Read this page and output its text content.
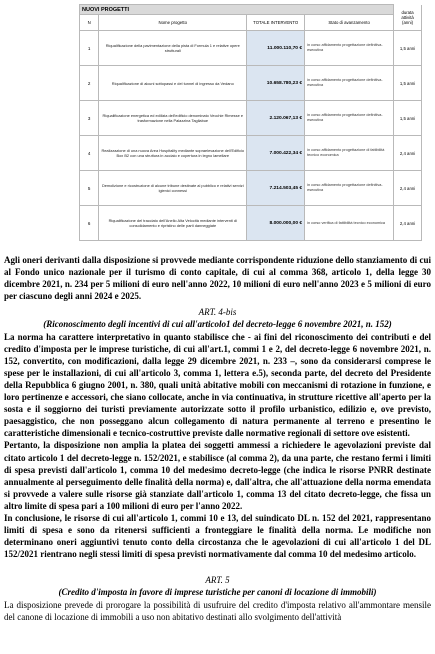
NUOVI PROGETTI				durata attività (anni)
N	Nome progetto	TOTALE INTERVENTO	Stato di avanzamento	
1	Riqualificazione della pavimentazione della pista di Formula 1 e relative opere strutturali	11.000.110,70 €	in corso affidamento progettazione definitiva-esecutiva	1,5 anni
2	Riqualificazione di alcuni sottopassi e del tunnel di ingresso da Vedano	10.658.780,23 €	in corso affidamento progettazione definitiva-esecutiva	1,5 anni
3	Riqualificazione energetica ed edilizia dell'edificio denominato Vecchie Rimesse e trasformazione nella Palazzina Tagliabue	2.120.067,13 €	in corso affidamento progettazione definitiva-esecutiva	1,5 anni
4	Realizzazione di una nuova Area Hospitality mediante sopraelevazione dell'Edificio Box B2 con una struttura in acciaio e copertura in legno lamellare	7.000.422,34 €	in corso affidamento progettazione di fattibilità tecnico economica	2,4 anni
5	Demolizione e ricostruzione di alcune tribune destinate al pubblico e relativi servizi igienici connessi	7.214.503,45 €	in corso affidamento progettazione definitiva-esecutiva	2,4 anni
6	Riqualificazione del tracciato dell'Anello Alta Velocità mediante interventi di consolidamento e ripristino delle parti danneggiate	8.000.000,00 €	in corso verifica di fattibilità tecnico economica	2,4 anni

Agli oneri derivanti dalla disposizione si provvede mediante corrispondente riduzione dello stanziamento di cui al Fondo unico nazionale per il turismo di conto capitale, di cui al comma 368, articolo 1, della legge 30 dicembre 2021, n. 234 per 5 milioni di euro nell'anno 2022, 10 milioni di euro nell'anno 2023 e 5 milioni di euro per ciascuno degli anni 2024 e 2025.

ART. 4-bis

(Riconoscimento degli incentivi di cui all'articolo1 del decreto-legge 6 novembre 2021, n. 152)

La norma ha carattere interpretativo in quanto stabilisce che - ai fini del riconoscimento dei contributi e del credito d'imposta per le imprese turistiche, di cui all'art.1, commi 1 e 2, del decreto-legge 6 novembre 2021, n. 152, convertito, con modificazioni, dalla legge 29 dicembre 2021, n. 233 –, sono da considerarsi comprese le spese per le installazioni, di cui all'articolo 3, comma 1, lettera e.5), seconda parte, del decreto del Presidente della Repubblica 6 giugno 2001, n. 380, quali unità abitative mobili con meccanismi di rotazione in funzione, e loro pertinenze e accessori, che siano collocate, anche in via continuativa, in strutture ricettive all'aperto per la sosta e il soggiorno dei turisti previamente autorizzate sotto il profilo urbanistico, edilizio e, ove previsto, paesaggistico, che non posseggano alcun collegamento di natura permanente al terreno e presentino le caratteristiche dimensionali e tecnico-costruttive previste dalle normative regionali di settore ove esistenti.

Pertanto, la disposizione non amplia la platea dei soggetti ammessi a richiedere le agevolazioni previste dal citato articolo 1 del decreto-legge n. 152/2021, e stabilisce (al comma 2), da una parte, che restano fermi i limiti di spesa previsti dall'articolo 1, comma 10 del medesimo decreto-legge (che indica le risorse PNRR destinate annualmente al perseguimento delle finalità della norma) e, dall'altra, che all'attuazione della norma emendata si provvede a valere sulle risorse già stanziate dall'articolo 1, comma 13 del citato decreto-legge, che fissa un altro limite di spesa pari a 100 milioni di euro per l'anno 2022.

In conclusione, le risorse di cui all'articolo 1, commi 10 e 13, del suindicato DL n. 152 del 2021, rappresentano limiti di spesa e sono da ritenersi sufficienti a fronteggiare le finalità della norma. Le modifiche non determinano oneri aggiuntivi tenuto conto della circostanza che le agevolazioni di cui all'articolo 1 del DL 152/2021 rientrano negli stessi limiti di spesa previsti normativamente dal comma 10 del medesimo articolo.

ART. 5

(Credito d'imposta in favore di imprese turistiche per canoni di locazione di immobili)

La disposizione prevede di prorogare la possibilità di usufruire del credito d'imposta relativo all'ammontare mensile del canone di locazione di immobili a uso non abitativo destinati allo svolgimento dell'attività
